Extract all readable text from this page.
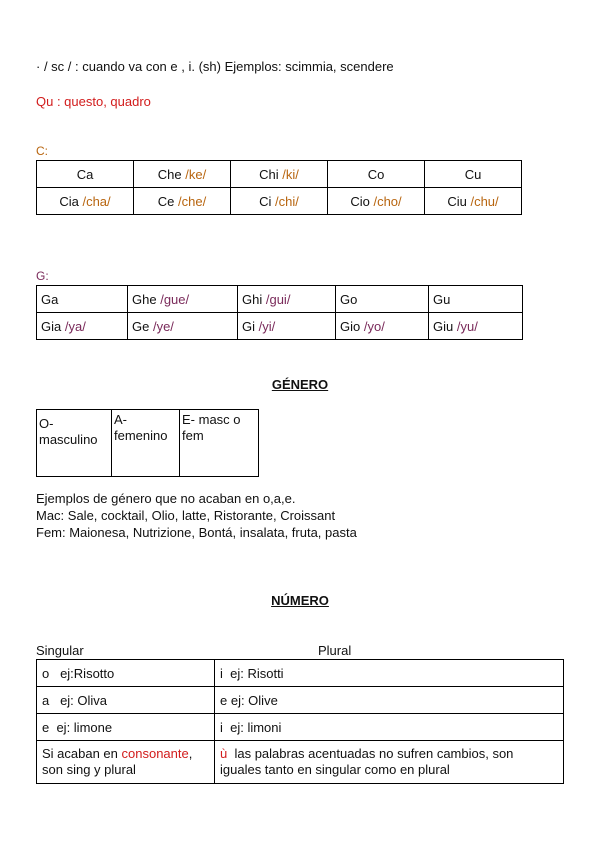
· / sc / : cuando va con e , i. (sh) Ejemplos: scimmia, scendere
Qu : questo, quadro
C:
Ca	Che /ke/	Chi /ki/	Co	Cu
Cia /cha/	Ce /che/	Ci /chi/	Cio /cho/	Ciu /chu/
G:
Ga	Ghe /gue/	Ghi /gui/	Go	Gu
Gia /ya/	Ge /ye/	Gi /yi/	Gio /yo/	Giu /yu/
GÉNERO
O-masculino	A-femenino	E- masc o fem
Ejemplos de género que no acaban en o,a,e.
Mac: Sale, cocktail, Olio, latte, Ristorante, Croissant
Fem: Maionesa, Nutrizione, Bontá, insalata, fruta, pasta
NÚMERO
Singular	Plural
o   ej:Risotto	i  ej: Risotti
a   ej: Oliva	e ej: Olive
e  ej: limone	i  ej: limoni
Si acaban en consonante,
son sing y plural	ù  las palabras acentuadas no sufren cambios, son iguales tanto en singular como en plural
